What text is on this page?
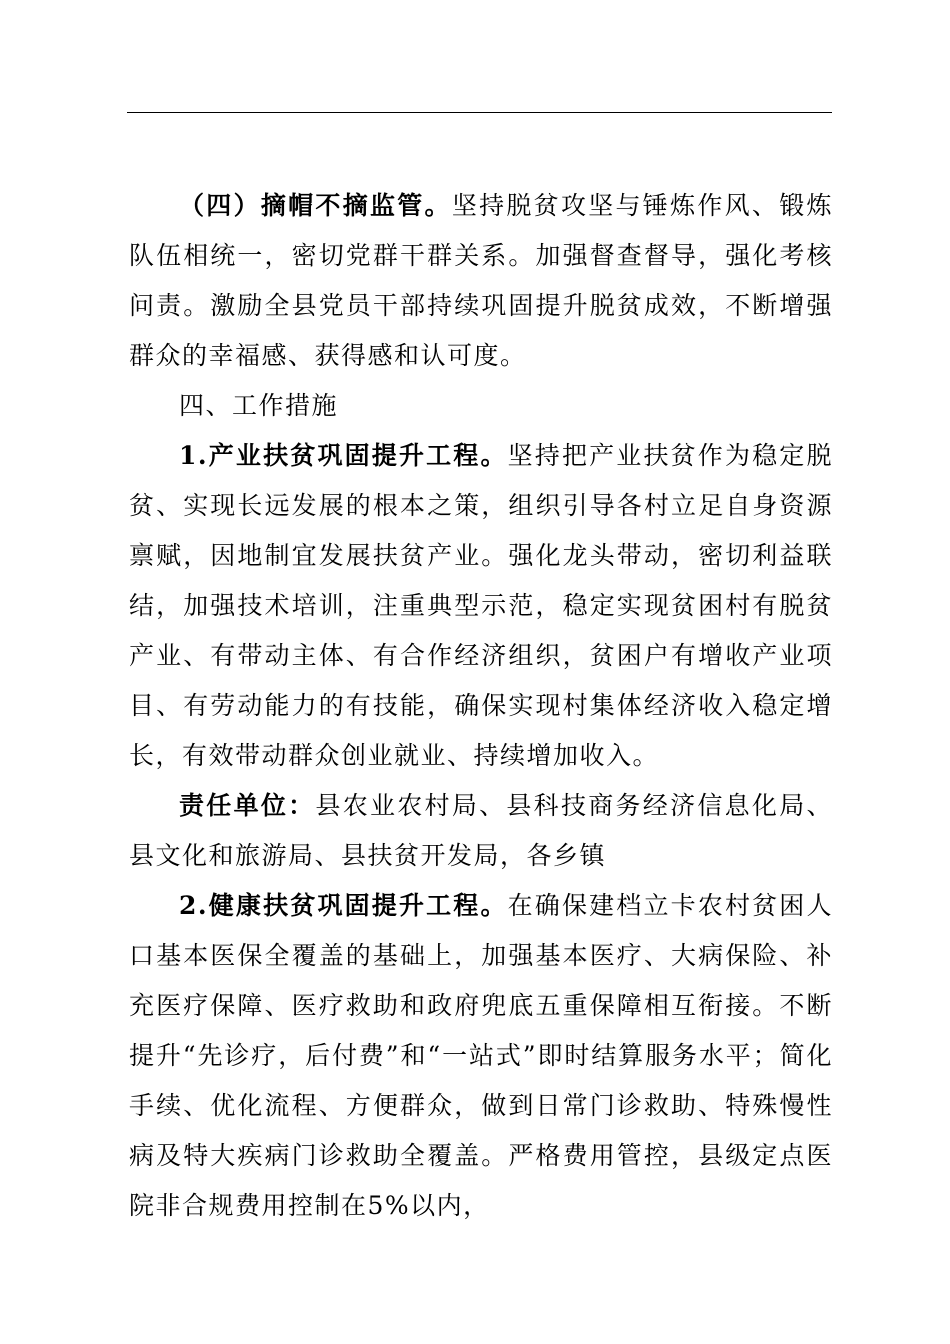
（四）摘帽不摘监管。坚持脱贫攻坚与锤炼作风、锻炼队伍相统一，密切党群干群关系。加强督查督导，强化考核问责。激励全县党员干部持续巩固提升脱贫成效，不断增强群众的幸福感、获得感和认可度。

四、工作措施

1.产业扶贫巩固提升工程。坚持把产业扶贫作为稳定脱贫、实现长远发展的根本之策，组织引导各村立足自身资源禀赋，因地制宜发展扶贫产业。强化龙头带动，密切利益联结，加强技术培训，注重典型示范，稳定实现贫困村有脱贫产业、有带动主体、有合作经济组织，贫困户有增收产业项目、有劳动能力的有技能，确保实现村集体经济收入稳定增长，有效带动群众创业就业、持续增加收入。

责任单位：县农业农村局、县科技商务经济信息化局、县文化和旅游局、县扶贫开发局，各乡镇

2.健康扶贫巩固提升工程。在确保建档立卡农村贫困人口基本医保全覆盖的基础上，加强基本医疗、大病保险、补充医疗保障、医疗救助和政府兜底五重保障相互衔接。不断提升“先诊疗，后付费”和“一站式”即时结算服务水平；简化手续、优化流程、方便群众，做到日常门诊救助、特殊慢性病及特大疾病门诊救助全覆盖。严格费用管控，县级定点医院非合规费用控制在5%以内，
